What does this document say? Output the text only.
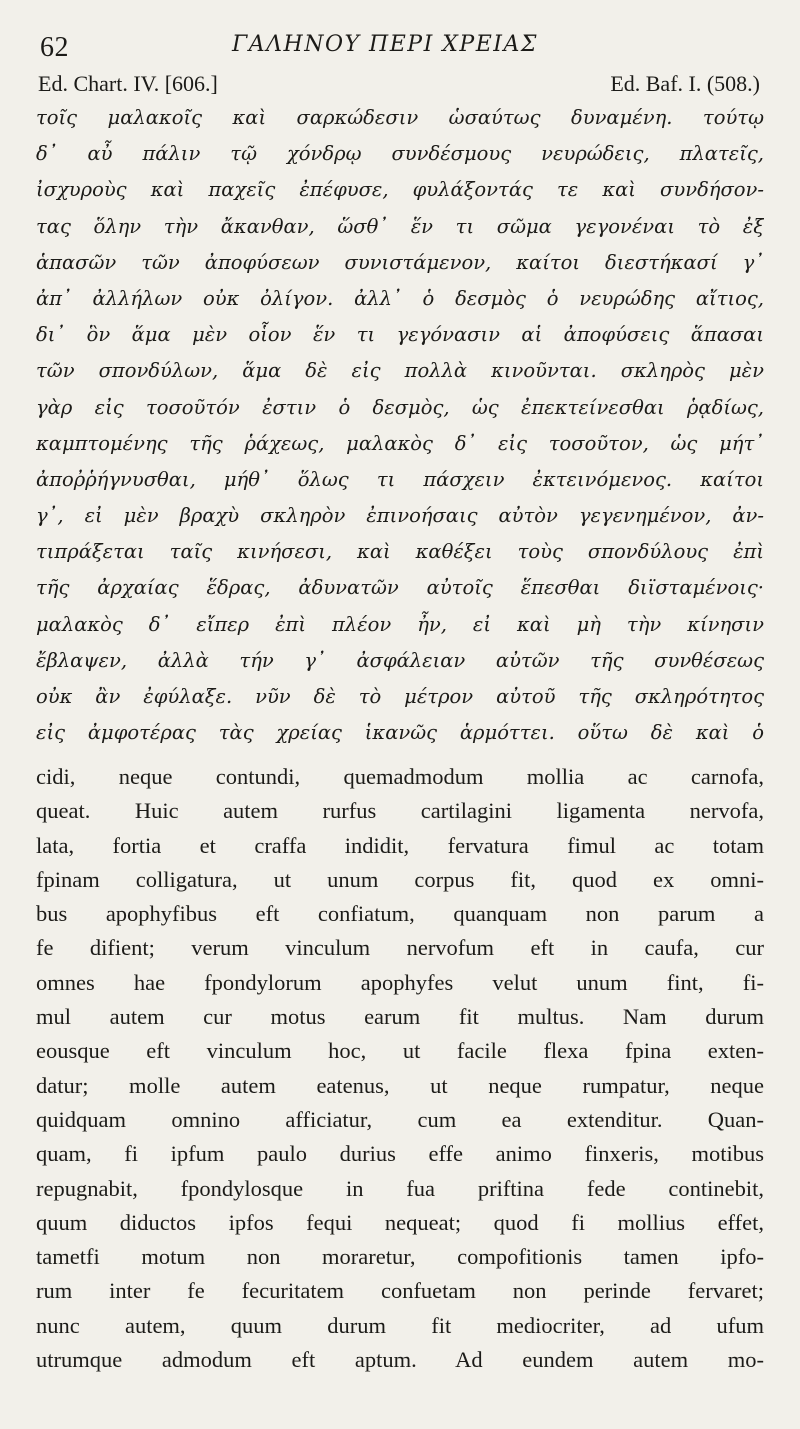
62	ΓΑΛΗΝΟΥ ΠΕΡΙ ΧΡΕΙΑΣ
Ed. Chart. IV. [606.]	Ed. Baf. I. (508.)
τοῖς μαλακοῖς καὶ σαρκώδεσιν ὡσαύτως δυναμένη. τούτῳ
δ᾽ αὖ πάλιν τῷ χόνδρῳ συνδέσμους νευρώδεις, πλατεῖς,
ἰσχυροὺς καὶ παχεῖς ἐπέφυσε, φυλάξοντάς τε καὶ συνδήσον-
τας ὅλην τὴν ἄκανθαν, ὥσθ᾽ ἕν τι σῶμα γεγονέναι τὸ ἐξ
ἁπασῶν τῶν ἀποφύσεων συνιστάμενον, καίτοι διεστήκασί γ᾽
ἀπ᾽ ἀλλήλων οὐκ ὀλίγον. ἀλλ᾽ ὁ δεσμὸς ὁ νευρώδης αἴτιος,
δι᾽ ὃν ἅμα μὲν οἷον ἕν τι γεγόνασιν αἱ ἀποφύσεις ἅπασαι
τῶν σπονδύλων, ἅμα δὲ εἰς πολλὰ κινοῦνται. σκληρὸς μὲν
γὰρ εἰς τοσοῦτόν ἐστιν ὁ δεσμὸς, ὡς ἐπεκτείνεσθαι ῥᾳδίως,
καμπτομένης τῆς ῥάχεως, μαλακὸς δ᾽ εἰς τοσοῦτον, ὡς μήτ᾽
ἀποῤῥήγνυσθαι, μήθ᾽ ὅλως τι πάσχειν ἐκτεινόμενος. καίτοι
γ᾽, εἰ μὲν βραχὺ σκληρὸν ἐπινοήσαις αὐτὸν γεγενημένον, ἀν-
τιπράξεται ταῖς κινήσεσι, καὶ καθέξει τοὺς σπονδύλους ἐπὶ
τῆς ἀρχαίας ἕδρας, ἀδυνατῶν αὐτοῖς ἕπεσθαι διϊσταμένοις·
μαλακὸς δ᾽ εἴπερ ἐπὶ πλέον ἦν, εἰ καὶ μὴ τὴν κίνησιν
ἔβλαψεν, ἀλλὰ τήν γ᾽ ἀσφάλειαν αὐτῶν τῆς συνθέσεως
οὐκ ἂν ἐφύλαξε. νῦν δὲ τὸ μέτρον αὐτοῦ τῆς σκληρότητος
εἰς ἀμφοτέρας τὰς χρείας ἱκανῶς ἁρμόττει. οὕτω δὲ καὶ ὁ
cidi, neque contundi, quemadmodum mollia ac carnofa,
queat. Huic autem rurfus cartilagini ligamenta nervofa,
lata, fortia et craffa indidit, fervatura fimul ac totam
fpinam colligatura, ut unum corpus fit, quod ex omni-
bus apophyfibus eft confiatum, quanquam non parum a
fe difient; verum vinculum nervofum eft in caufa, cur
omnes hae fpondylorum apophyfes velut unum fint, fi-
mul autem cur motus earum fit multus. Nam durum
eousque eft vinculum hoc, ut facile flexa fpina exten-
datur; molle autem eatenus, ut neque rumpatur, neque
quidquam omnino afficiatur, cum ea extenditur. Quan-
quam, fi ipfum paulo durius effe animo finxeris, motibus
repugnabit, fpondylosque in fua priftina fede continebit,
quum diductos ipfos fequi nequeat; quod fi mollius effet,
tametfi motum non moraretur, compofitionis tamen ipfo-
rum inter fe fecuritatem confuetam non perinde fervaret;
nunc autem, quum durum fit mediocriter, ad ufum
utrumque admodum eft aptum. Ad eundem autem mo-
